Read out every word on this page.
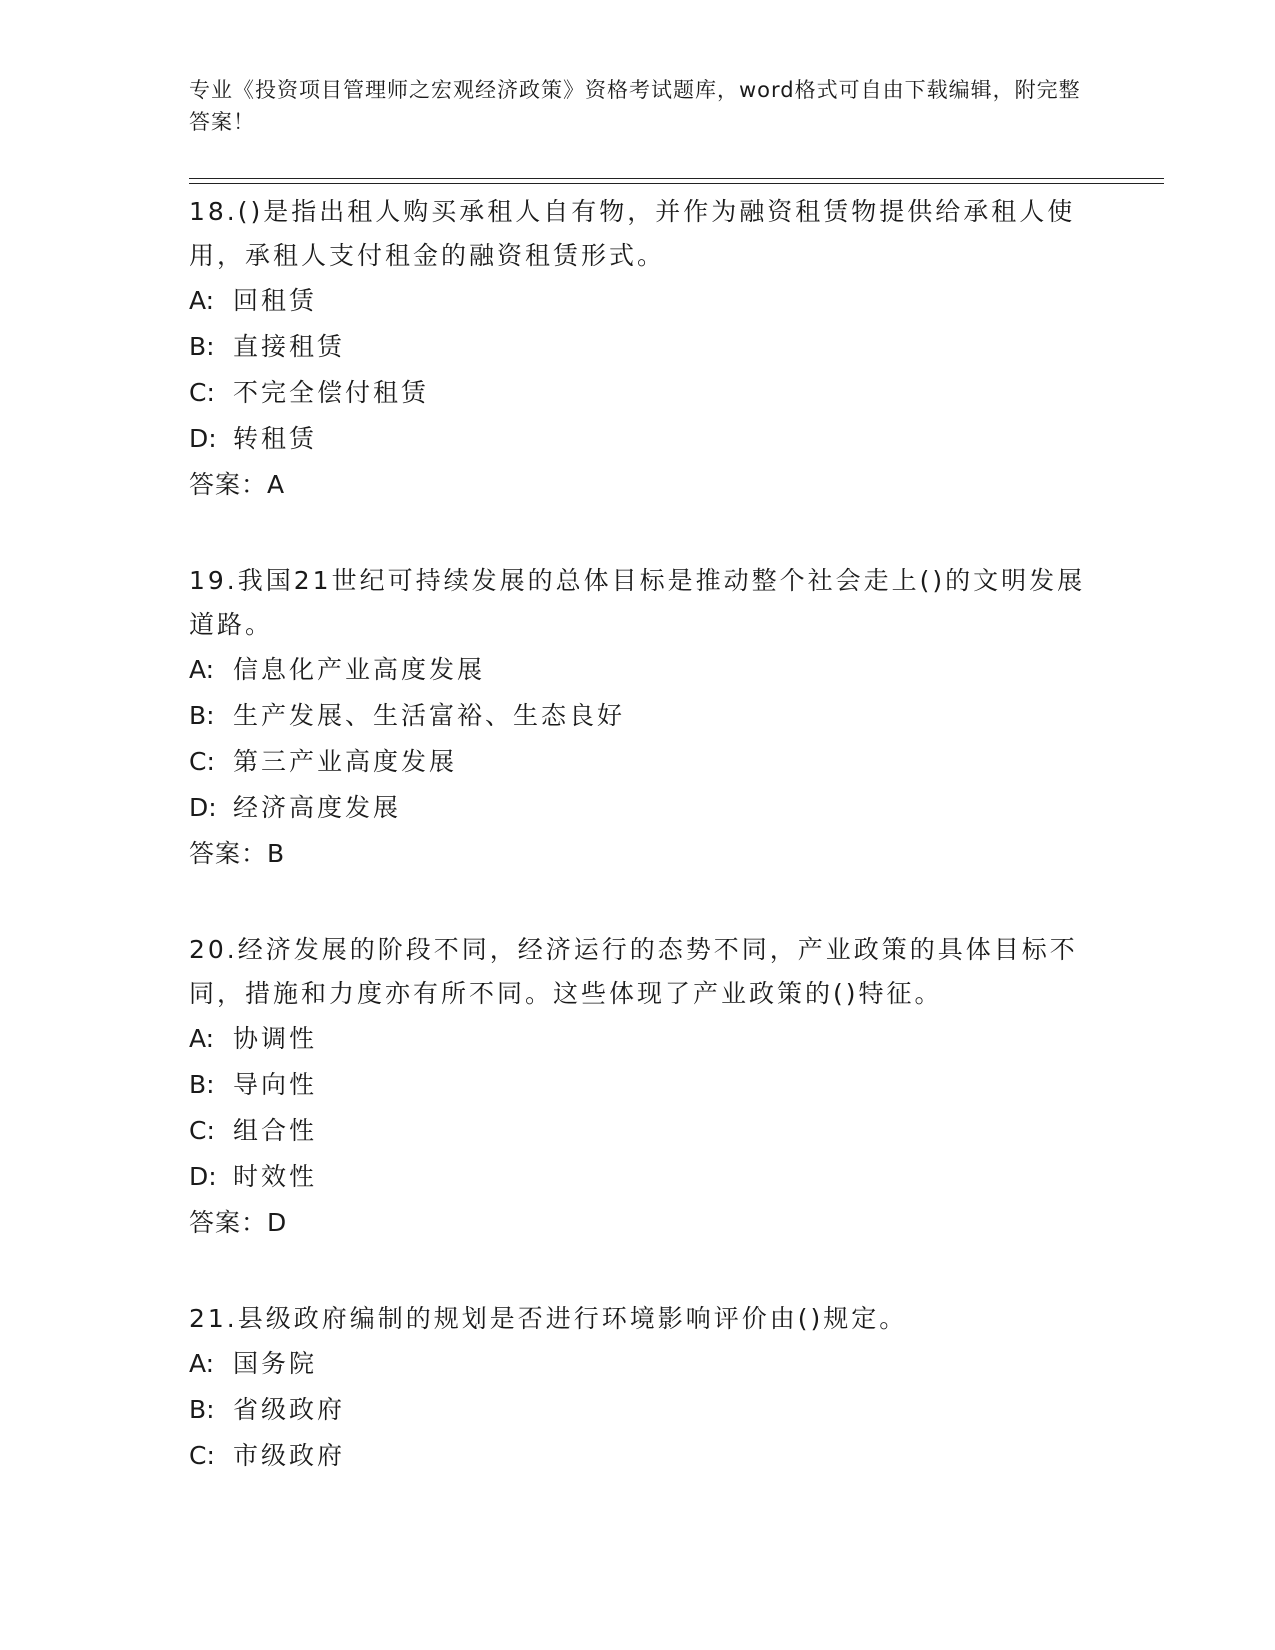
专业《投资项目管理师之宏观经济政策》资格考试题库，word格式可自由下载编辑，附完整答案！

18.()是指出租人购买承租人自有物，并作为融资租赁物提供给承租人使用，承租人支付租金的融资租赁形式。

A: 回租赁

B: 直接租赁

C: 不完全偿付租赁

D: 转租赁

答案：A

19.我国21世纪可持续发展的总体目标是推动整个社会走上()的文明发展道路。

A: 信息化产业高度发展

B: 生产发展、生活富裕、生态良好

C: 第三产业高度发展

D: 经济高度发展

答案：B

20.经济发展的阶段不同，经济运行的态势不同，产业政策的具体目标不同，措施和力度亦有所不同。这些体现了产业政策的()特征。

A: 协调性

B: 导向性

C: 组合性

D: 时效性

答案：D

21.县级政府编制的规划是否进行环境影响评价由()规定。

A: 国务院

B: 省级政府

C: 市级政府
